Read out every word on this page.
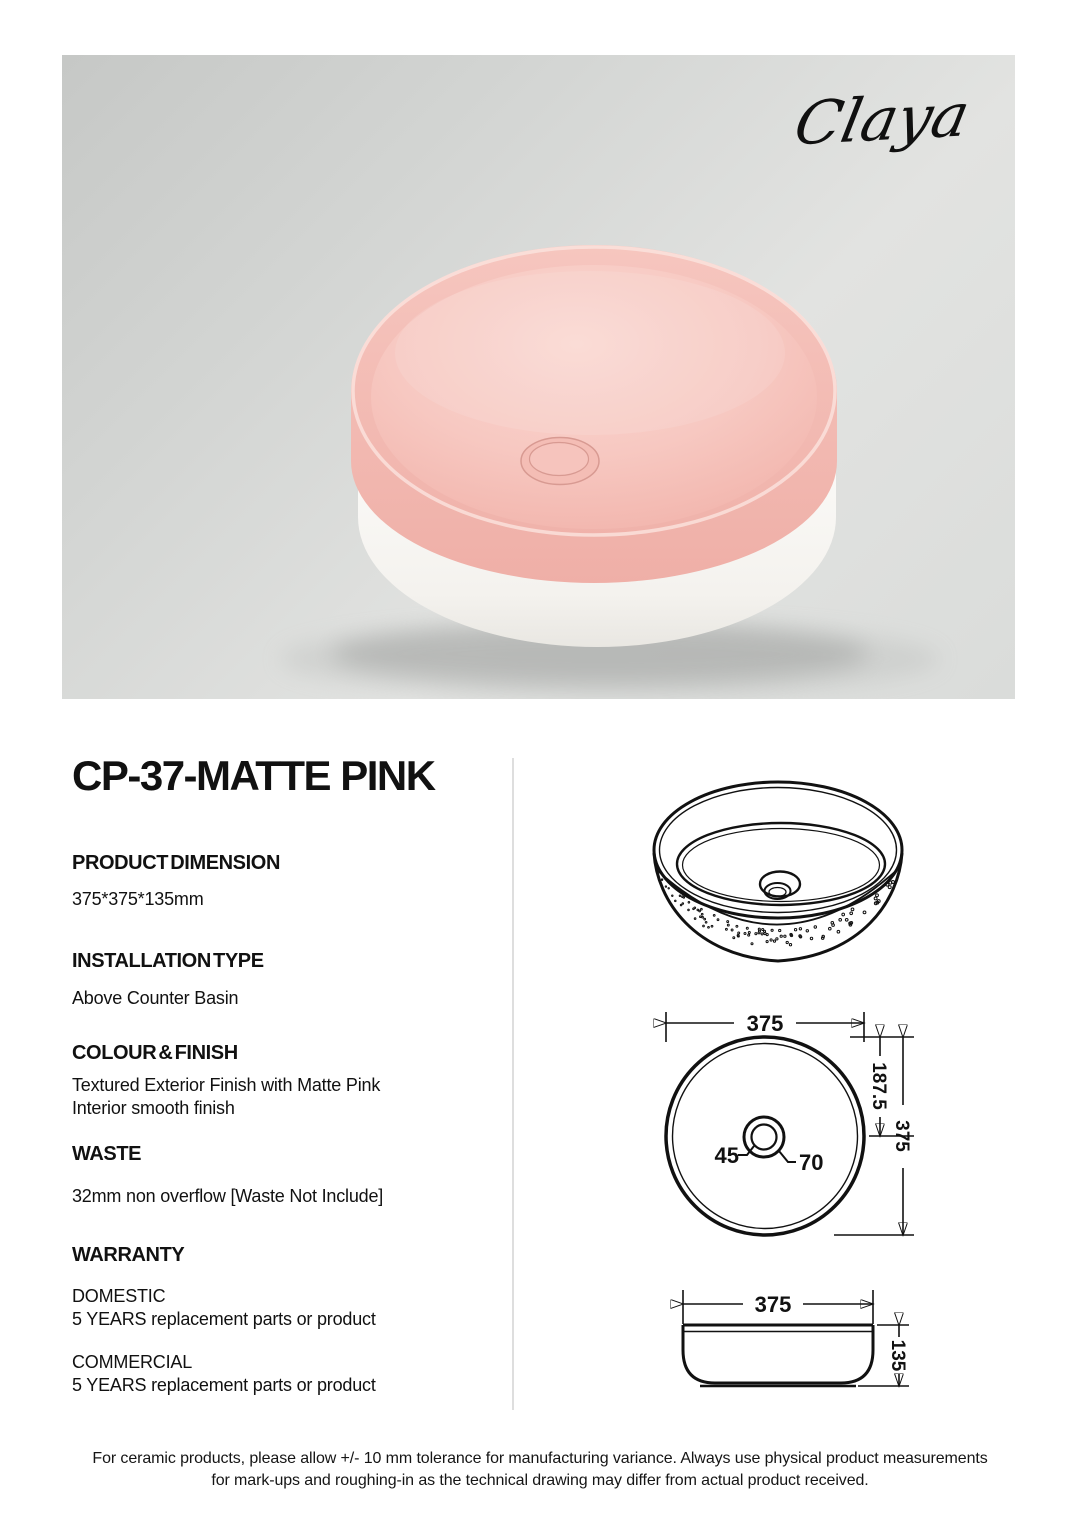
Claya
CP-37-MATTE PINK
PRODUCT DIMENSION
375*375*135mm
INSTALLATION TYPE
Above Counter Basin
COLOUR & FINISH
Textured Exterior Finish with Matte Pink
Interior smooth finish
WASTE
32mm non overflow [Waste Not Include]
WARRANTY
DOMESTIC
5 YEARS replacement parts or product
COMMERCIAL
5 YEARS replacement parts or product
375
187.5
375
45	70
375
135
For ceramic products, please allow +/- 10 mm tolerance for manufacturing variance. Always use physical product measurements
for mark-ups and roughing-in as the technical drawing may differ from actual product received.
